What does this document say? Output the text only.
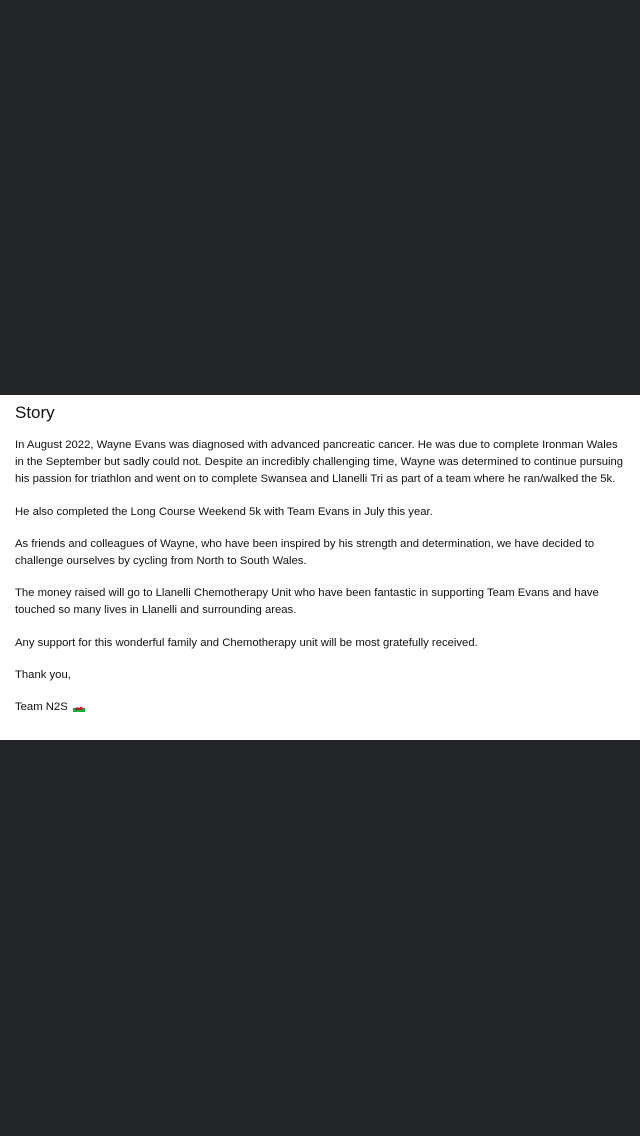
Story

In August 2022, Wayne Evans was diagnosed with advanced pancreatic cancer. He was due to complete Ironman Wales in the September but sadly could not. Despite an incredibly challenging time, Wayne was determined to continue pursuing his passion for triathlon and went on to complete Swansea and Llanelli Tri as part of a team where he ran/walked the 5k.

He also completed the Long Course Weekend 5k with Team Evans in July this year.

As friends and colleagues of Wayne, who have been inspired by his strength and determination, we have decided to challenge ourselves by cycling from North to South Wales.

The money raised will go to Llanelli Chemotherapy Unit who have been fantastic in supporting Team Evans and have touched so many lives in Llanelli and surrounding areas.

Any support for this wonderful family and Chemotherapy unit will be most gratefully received.

Thank you,

Team N2S
